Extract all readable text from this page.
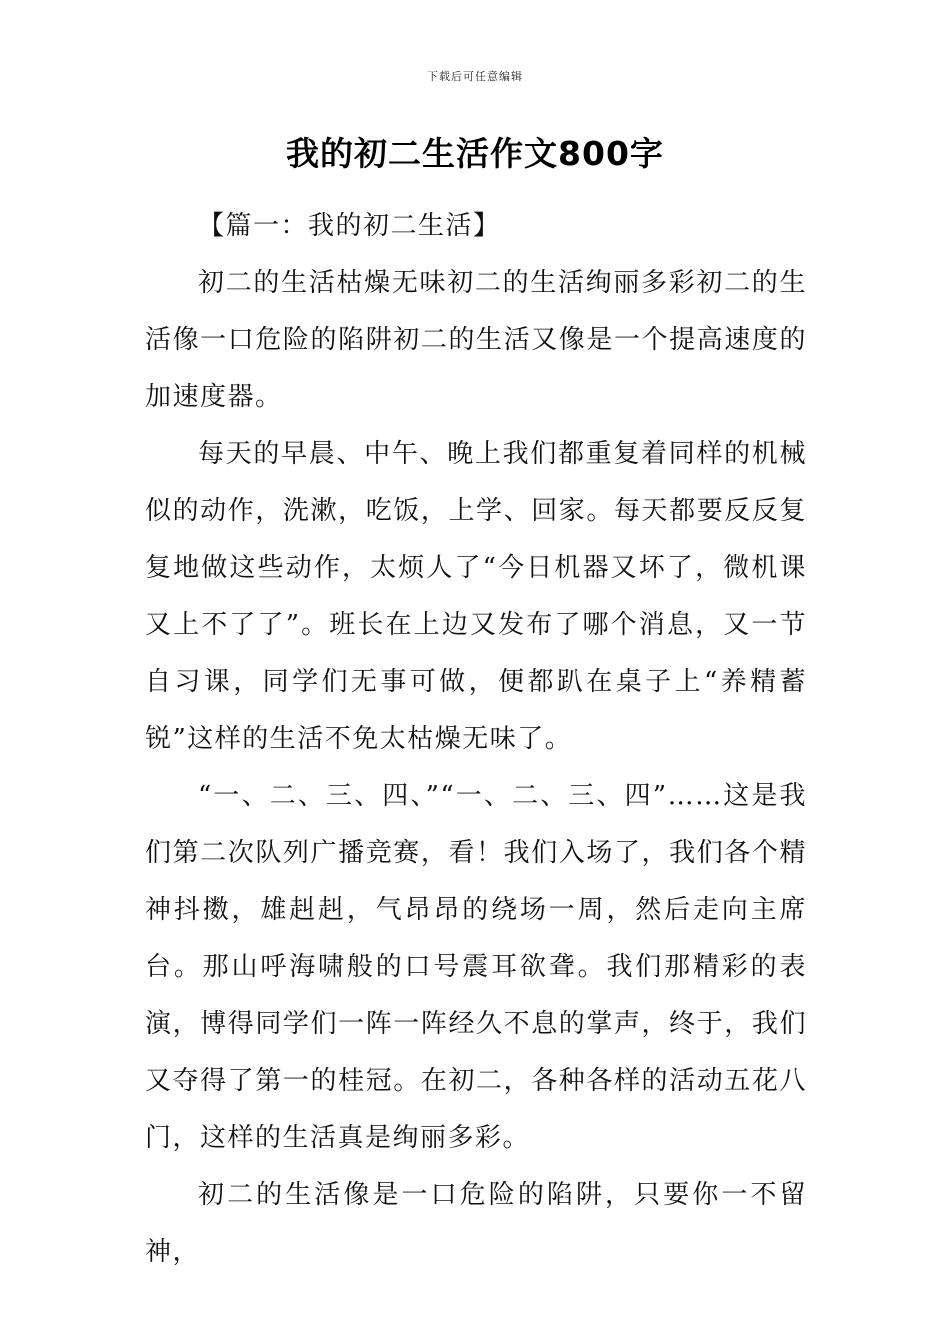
下载后可任意编辑
我的初二生活作文800字

【篇一：我的初二生活】

初二的生活枯燥无味初二的生活绚丽多彩初二的生活像一口危险的陷阱初二的生活又像是一个提高速度的加速度器。

每天的早晨、中午、晚上我们都重复着同样的机械似的动作，洗漱，吃饭，上学、回家。每天都要反反复复地做这些动作，太烦人了“今日机器又坏了，微机课又上不了了”。班长在上边又发布了哪个消息，又一节自习课，同学们无事可做，便都趴在桌子上“养精蓄锐”这样的生活不免太枯燥无味了。

“一、二、三、四、”“一、二、三、四”……这是我们第二次队列广播竞赛，看！我们入场了，我们各个精神抖擞，雄赳赳，气昂昂的绕场一周，然后走向主席台。那山呼海啸般的口号震耳欲聋。我们那精彩的表演，博得同学们一阵一阵经久不息的掌声，终于，我们又夺得了第一的桂冠。在初二，各种各样的活动五花八门，这样的生活真是绚丽多彩。

初二的生活像是一口危险的陷阱，只要你一不留神，
